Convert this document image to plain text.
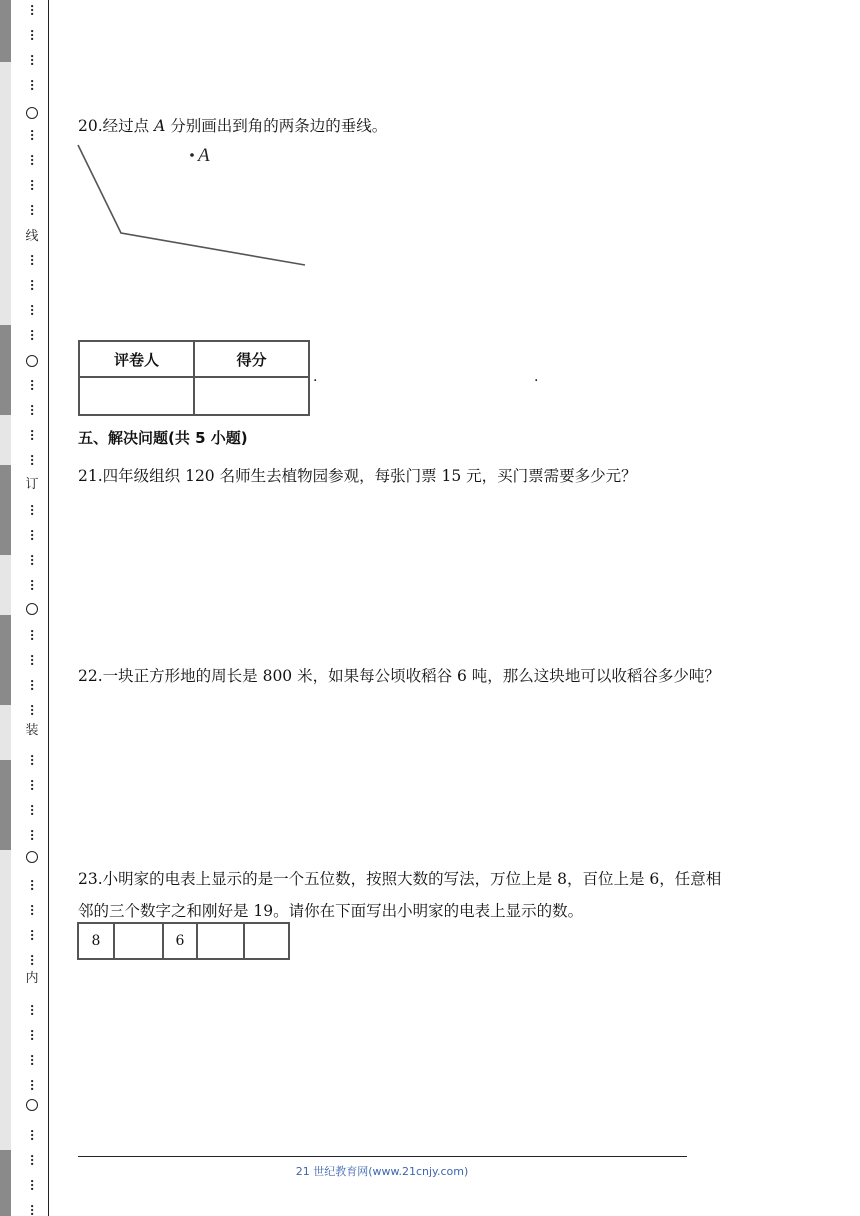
…
…
…
…
…
…
…
…
…
…
…
…
…
…
…
…
…
…
…
…
…
…
…
…
…
…
…
…
…
…
…
…
…
…
…
…
…
…
…
…
线
订
装
内
20.经过点 A 分别画出到角的两条边的垂线。
A
评卷人	得分

.	.
五、解决问题(共 5 小题)
21.四年级组织 120 名师生去植物园参观，每张门票 15 元，买门票需要多少元？
22.一块正方形地的周长是 800 米，如果每公顷收稻谷 6 吨，那么这块地可以收稻谷多少吨？
23.小明家的电表上显示的是一个五位数，按照大数的写法，万位上是 8，百位上是 6，任意相
邻的三个数字之和刚好是 19。请你在下面写出小明家的电表上显示的数。
8		6		
21 世纪教育网(www.21cnjy.com)
